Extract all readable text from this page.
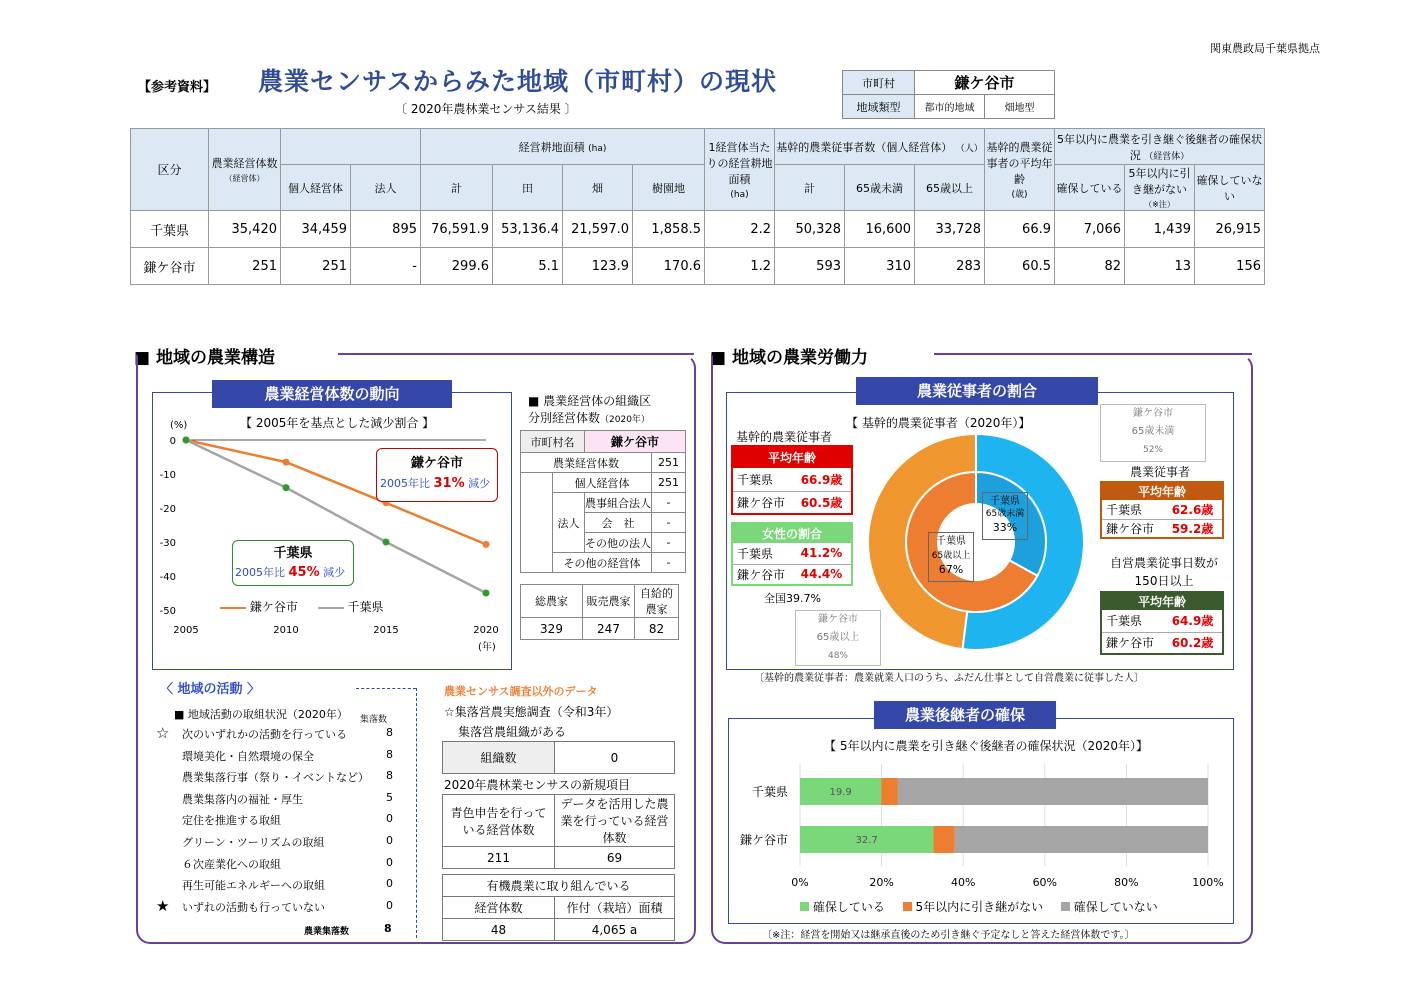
関東農政局千葉県拠点
【参考資料】 農業センサスからみた地域（市町村）の現状
〔 2020年農林業センサス結果 〕
市町村	鎌ケ谷市	
地域類型	都市的地域	畑地型
区分	農業経営体数
（経営体）			経営耕地面積 (ha)				1経営体当たりの経営耕地面積
(ha)	基幹的農業従事者数（個人経営体） （人）			基幹的農業従事者の平均年齢
(歳)	5年以内に農業を引き継ぐ後継者の確保状況 （経営体）		
		個人経営体	法人	計	田	畑	樹園地		計	65歳未満	65歳以上		確保している	5年以内に引き継がない（※注）	確保していない
千葉県	35,420	34,459	895	76,591.9	53,136.4	21,597.0	1,858.5	2.2	50,328	16,600	33,728	66.9	7,066	1,439	26,915
鎌ケ谷市	251	251	-	299.6	5.1	123.9	170.6	1.2	593	310	283	60.5	82	13	156
■ 地域の農業構造
農業経営体数の動向
【 2005年を基点とした減少割合 】
(%)
0
-10
-20
-30
-40
-50
2005	2010	2015	2020
(年)
鎌ケ谷市
2005年比 31% 減少
千葉県
2005年比 45% 減少
鎌ケ谷市	千葉県
■ 農業経営体の組織区
分別経営体数（2020年）
市町村名		鎌ケ谷市	
農業経営体数			251
	個人経営体		251
	法人	農事組合法人	-
		会　社	-
		その他の法人	-
	その他の経営体		-
総農家	販売農家	自給的農家
329	247	82
〈 地域の活動 〉
■ 地域活動の取組状況（2020年） 集落数
☆ 次のいずれかの活動を行っている	8
環境美化・自然環境の保全	8
農業集落行事（祭り・イベントなど） 8
農業集落内の福祉・厚生	5
定住を推進する取組	0
グリーン・ツーリズムの取組	0
６次産業化への取組	0
再生可能エネルギーへの取組	0
★ いずれの活動も行っていない	0
農業集落数	8
農業センサス調査以外のデータ
☆集落営農実態調査（令和3年）
集落営農組織がある
組織数	0
2020年農林業センサスの新規項目
青色申告を行っている経営体数	データを活用した農業を行っている経営体数
211	69
有機農業に取り組んでいる	
経営体数	作付（栽培）面積
48	4,065 a
■ 地域の農業労働力
農業従事者の割合
【 基幹的農業従事者（2020年）】
基幹的農業従事者
平均年齢	
千葉県	66.9歳
鎌ケ谷市	60.5歳
女性の割合	
千葉県	41.2%
鎌ケ谷市	44.4%
全国39.7%
鎌ケ谷市
65歳未満
52%
鎌ケ谷市
65歳以上
48%
千葉県
65歳未満
33%
千葉県
65歳以上
67%
農業従事者
平均年齢	
千葉県	62.6歳
鎌ケ谷市	59.2歳
自営農業従事日数が
150日以上
平均年齢	
千葉県	64.9歳
鎌ケ谷市	60.2歳
〔基幹的農業従事者：農業就業人口のうち、ふだん仕事として自営農業に従事した人〕
農業後継者の確保
【 5年以内に農業を引き継ぐ後継者の確保状況（2020年）】
0%	20%	40%	60%	80%	100%
千葉県	19.9
鎌ケ谷市	32.7
確保している	5年以内に引き継がない	確保していない
〔※注：経営を開始又は継承直後のため引き継ぐ予定なしと答えた経営体数です。〕
